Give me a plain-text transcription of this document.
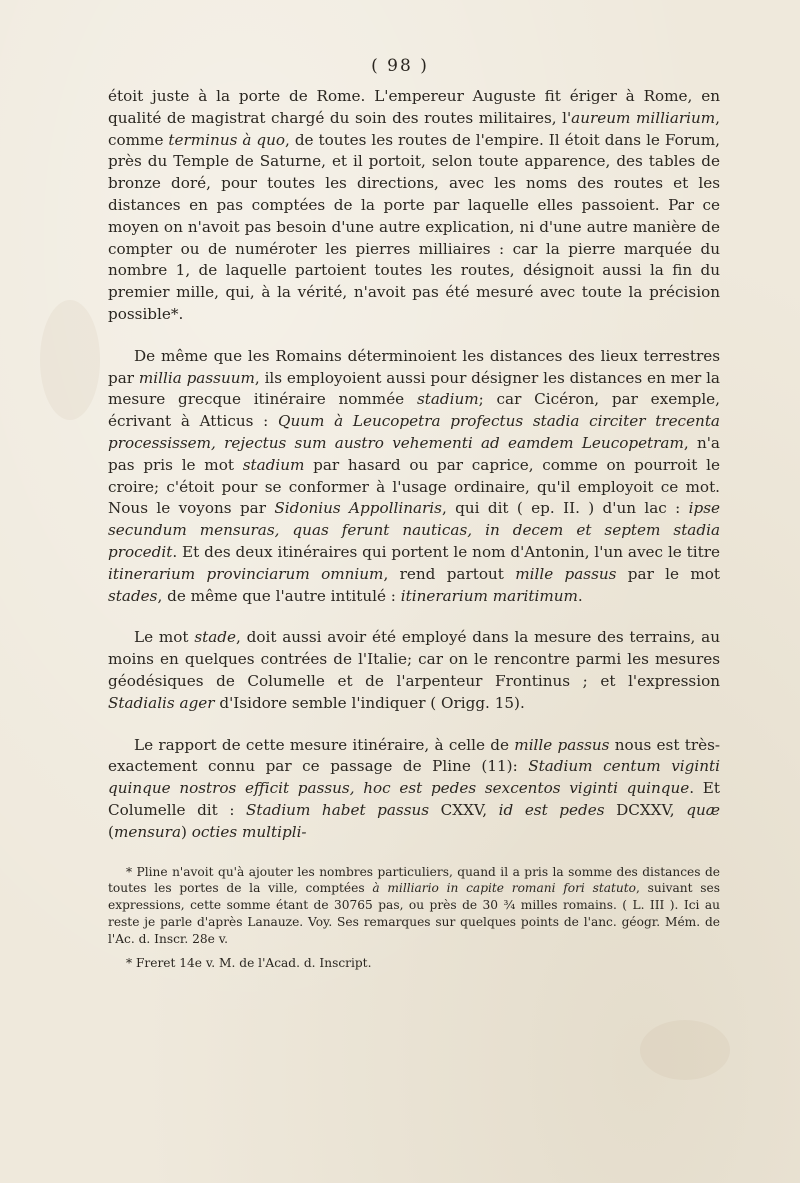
( 98 )

étoit juste à la porte de Rome. L'empereur Auguste fit ériger à Rome, en qualité de magistrat chargé du soin des routes militaires, l'aureum milliarium, comme terminus à quo, de toutes les routes de l'empire. Il étoit dans le Forum, près du Temple de Saturne, et il portoit, selon toute apparence, des tables de bronze doré, pour toutes les directions, avec les noms des routes et les distances en pas comptées de la porte par laquelle elles passoient. Par ce moyen on n'avoit pas besoin d'une autre explication, ni d'une autre manière de compter ou de numéroter les pierres milliaires : car la pierre marquée du nombre 1, de laquelle partoient toutes les routes, désignoit aussi la fin du premier mille, qui, à la vérité, n'avoit pas été mesuré avec toute la précision possible*.

De même que les Romains déterminoient les distances des lieux terrestres par millia passuum, ils employoient aussi pour désigner les distances en mer la mesure grecque itinéraire nommée stadium; car Cicéron, par exemple, écrivant à Atticus : Quum à Leucopetra profectus stadia circiter trecenta processissem, rejectus sum austro vehementi ad eamdem Leucopetram, n'a pas pris le mot stadium par hasard ou par caprice, comme on pourroit le croire; c'étoit pour se conformer à l'usage ordinaire, qu'il employoit ce mot. Nous le voyons par Sidonius Appollinaris, qui dit ( ep. II. ) d'un lac : ipse secundum mensuras, quas ferunt nauticas, in decem et septem stadia procedit. Et des deux itinéraires qui portent le nom d'Antonin, l'un avec le titre itinerarium provinciarum omnium, rend partout mille passus par le mot stades, de même que l'autre intitulé : itinerarium maritimum.

Le mot stade, doit aussi avoir été employé dans la mesure des terrains, au moins en quelques contrées de l'Italie; car on le rencontre parmi les mesures géodésiques de Columelle et de l'arpenteur Frontinus ; et l'expression Stadialis ager d'Isidore semble l'indiquer ( Origg. 15).

Le rapport de cette mesure itinéraire, à celle de mille passus nous est très-exactement connu par ce passage de Pline (11): Stadium centum viginti quinque nostros efficit passus, hoc est pedes sexcentos viginti quinque. Et Columelle dit : Stadium habet passus CXXV, id est pedes DCXXV, quæ (mensura) octies multipli-

* Pline n'avoit qu'à ajouter les nombres particuliers, quand il a pris la somme des distances de toutes les portes de la ville, comptées à milliario in capite romani fori statuto, suivant ses expressions, cette somme étant de 30765 pas, ou près de 30 ¾ milles romains. ( L. III ). Ici au reste je parle d'après Lanauze. Voy. Ses remarques sur quelques points de l'anc. géogr. Mém. de l'Ac. d. Inscr. 28e v.

* Freret 14e v. M. de l'Acad. d. Inscript.
